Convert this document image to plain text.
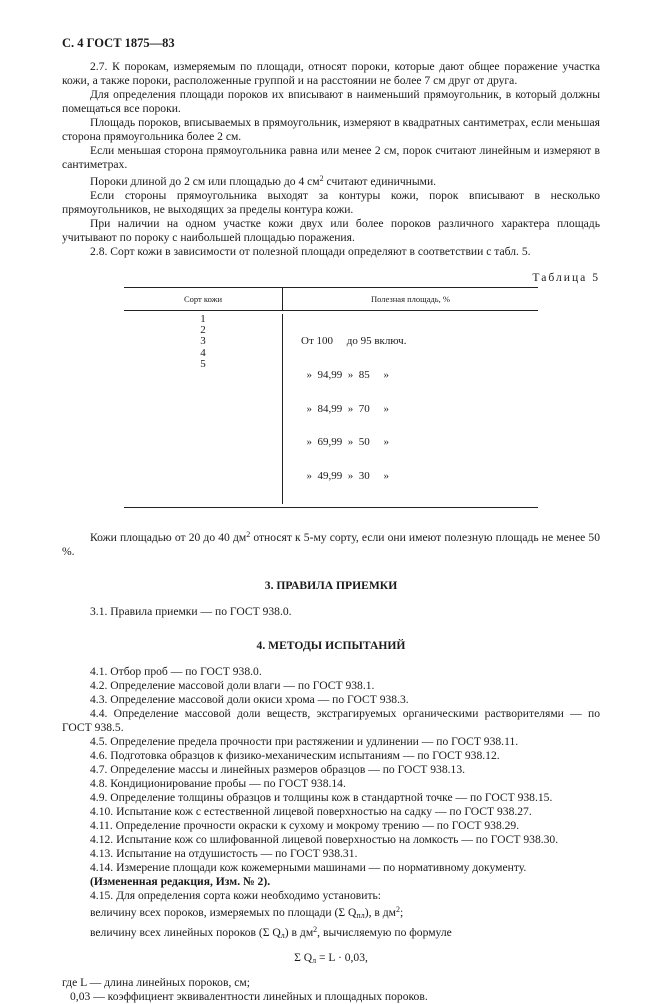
С. 4 ГОСТ 1875—83

2.7. К порокам, измеряемым по площади, относят пороки, которые дают общее поражение участка кожи, а также пороки, расположенные группой и на расстоянии не более 7 см друг от друга.

Для определения площади пороков их вписывают в наименьший прямоугольник, в который должны помещаться все пороки.

Площадь пороков, вписываемых в прямоугольник, измеряют в квадратных сантиметрах, если меньшая сторона прямоугольника более 2 см.

Если меньшая сторона прямоугольника равна или менее 2 см, порок считают линейным и измеряют в сантиметрах.

Пороки длиной до 2 см или площадью до 4 $см^2$ считают единичными.

Если стороны прямоугольника выходят за контуры кожи, порок вписывают в несколько прямоугольников, не выходящих за пределы контура кожи.

При наличии на одном участке кожи двух или более пороков различного характера площадь учитывают по пороку с наибольшей площадью поражения.

2.8. Сорт кожи в зависимости от полезной площади определяют в соответствии с табл. 5.

Таблица 5
Сорт кожи	Полезная площадь, %
1
2
3
4
5

От 100     до 95 включ.

»  94,99  »  85     »

»  84,99  »  70     »

»  69,99  »  50     »

»  49,99  »  30     »

Кожи площадью от 20 до 40 $дм^2$ относят к 5-му сорту, если они имеют полезную площадь не менее 50 %.

3. ПРАВИЛА ПРИЕМКИ

3.1. Правила приемки — по ГОСТ 938.0.

4. МЕТОДЫ ИСПЫТАНИЙ

4.1. Отбор проб — по ГОСТ 938.0.

4.2. Определение массовой доли влаги — по ГОСТ 938.1.

4.3. Определение массовой доли окиси хрома — по ГОСТ 938.3.

4.4. Определение массовой доли веществ, экстрагируемых органическими растворителями — по ГОСТ 938.5.

4.5. Определение предела прочности при растяжении и удлинении — по ГОСТ 938.11.

4.6. Подготовка образцов к физико-механическим испытаниям — по ГОСТ 938.12.

4.7. Определение массы и линейных размеров образцов — по ГОСТ 938.13.

4.8. Кондиционирование пробы — по ГОСТ 938.14.

4.9. Определение толщины образцов и толщины кож в стандартной точке — по ГОСТ 938.15.

4.10. Испытание кож с естественной лицевой поверхностью на садку — по ГОСТ 938.27.

4.11. Определение прочности окраски к сухому и мокрому трению — по ГОСТ 938.29.

4.12. Испытание кож со шлифованной лицевой поверхностью на ломкость — по ГОСТ 938.30.

4.13. Испытание на отдушистость — по ГОСТ 938.31.

4.14. Измерение площади кож кожемерными машинами — по нормативному документу.

(Измененная редакция, Изм. № 2).

4.15. Для определения сорта кожи необходимо установить:

величину всех пороков, измеряемых по площади (Σ $Q_{пл}$), в $дм^2$;

величину всех линейных пороков (Σ $Q_л$) в $дм^2$, вычисляемую по формуле

Σ $Q_л = L \cdot 0,03$,

где L — длина линейных пороков, см;

0,03 — коэффициент эквивалентности линейных и площадных пороков.
